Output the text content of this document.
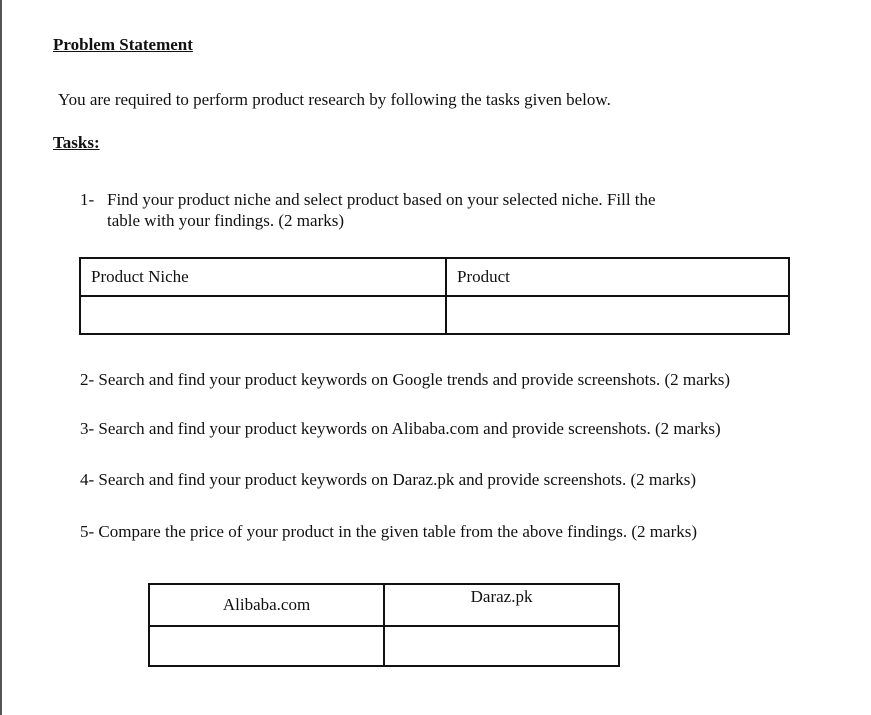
Problem Statement
You are required to perform product research by following the tasks given below.
Tasks:
1- Find your product niche and select product based on your selected niche. Fill the
table with your findings. (2 marks)
Product Niche	Product

2- Search and find your product keywords on Google trends and provide screenshots. (2 marks)
3- Search and find your product keywords on Alibaba.com and provide screenshots. (2 marks)
4- Search and find your product keywords on Daraz.pk and provide screenshots. (2 marks)
5- Compare the price of your product in the given table from the above findings. (2 marks)
Alibaba.com	Daraz.pk
